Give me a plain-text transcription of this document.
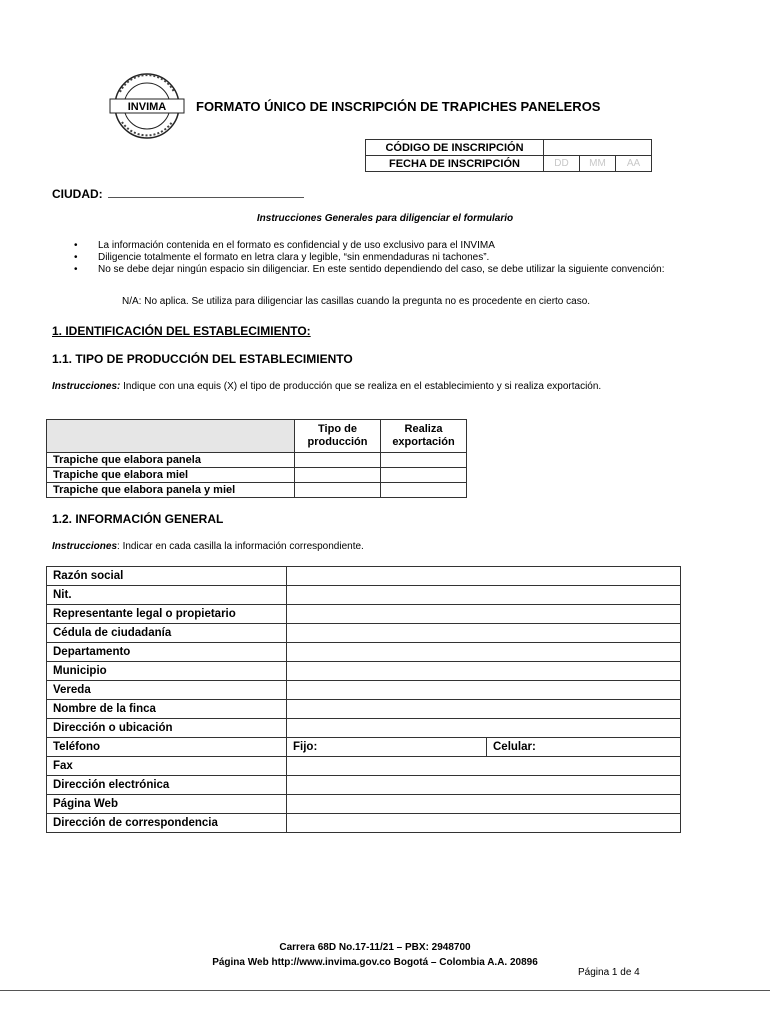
INVIMA FORMATO ÚNICO DE INSCRIPCIÓN DE TRAPICHES PANELEROS
CÓDIGO DE INSCRIPCIÓN			
FECHA DE INSCRIPCIÓN	DD	MM	AA
CIUDAD:
Instrucciones Generales para diligenciar el formulario
• La información contenida en el formato es confidencial y de uso exclusivo para el INVIMA
• Diligencie totalmente el formato en letra clara y legible, “sin enmendaduras ni tachones”.
• No se debe dejar ningún espacio sin diligenciar. En este sentido dependiendo del caso, se debe utilizar la siguiente convención:
N/A: No aplica. Se utiliza para diligenciar las casillas cuando la pregunta no es procedente en cierto caso.
1. IDENTIFICACIÓN DEL ESTABLECIMIENTO:
1.1. TIPO DE PRODUCCIÓN DEL ESTABLECIMIENTO
Instrucciones: Indique con una equis (X) el tipo de producción que se realiza en el establecimiento y si realiza exportación.
	Tipo de producción	Realiza exportación
Trapiche que elabora panela		
Trapiche que elabora miel		
Trapiche que elabora panela y miel		
1.2. INFORMACIÓN GENERAL
Instrucciones: Indicar en cada casilla la información correspondiente.
Razón social		
Nit.		
Representante legal o propietario		
Cédula de ciudadanía		
Departamento		
Municipio		
Vereda		
Nombre de la finca		
Dirección o ubicación		
Teléfono	Fijo:	Celular:
Fax		
Dirección electrónica		
Página Web		
Dirección de correspondencia		
Carrera 68D No.17-11/21 – PBX: 2948700
Página Web http://www.invima.gov.co Bogotá – Colombia A.A. 20896
Página 1 de 4
